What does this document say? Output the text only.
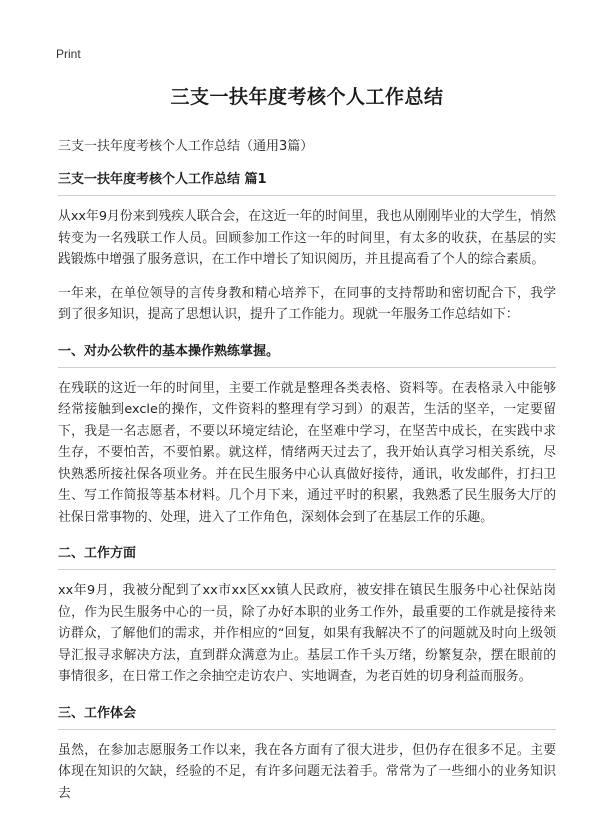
Print
三支一扶年度考核个人工作总结
三支一扶年度考核个人工作总结（通用3篇）
三支一扶年度考核个人工作总结 篇1

从xx年9月份来到残疾人联合会，在这近一年的时间里，我也从刚刚毕业的大学生，悄然转变为一名残联工作人员。回顾参加工作这一年的时间里，有太多的收获，在基层的实践锻炼中增强了服务意识，在工作中增长了知识阅历，并且提高看了个人的综合素质。

一年来，在单位领导的言传身教和精心培养下，在同事的支持帮助和密切配合下，我学到了很多知识，提高了思想认识，提升了工作能力。现就一年服务工作总结如下：

一、对办公软件的基本操作熟练掌握。

在残联的这近一年的时间里，主要工作就是整理各类表格、资料等。在表格录入中能够经常接触到excle的操作，文件资料的整理有学习到）的艰苦，生活的坚辛，一定要留下，我是一名志愿者，不要以环境定结论，在坚难中学习，在坚苦中成长，在实践中求生存，不要怕苦，不要怕累。就这样，情绪两天过去了，我开始认真学习相关系统，尽快熟悉所接社保各项业务。并在民生服务中心认真做好接待，通讯，收发邮件，打扫卫生、写工作简报等基本材料。几个月下来，通过平时的积累，我熟悉了民生服务大厅的社保日常事物的、处理，进入了工作角色，深刻体会到了在基层工作的乐趣。

二、工作方面

xx年9月，我被分配到了xx市xx区xx镇人民政府，被安排在镇民生服务中心社保站岗位，作为民生服务中心的一员，除了办好本职的业务工作外，最重要的工作就是接待来访群众，了解他们的需求，并作相应的“回复，如果有我解决不了的问题就及时向上级领导汇报寻求解决方法，直到群众满意为止。基层工作千头万绪，纷繁复杂，摆在眼前的事情很多，在日常工作之余抽空走访农户、实地调查，为老百姓的切身利益而服务。

三、工作体会

虽然，在参加志愿服务工作以来，我在各方面有了很大进步，但仍存在很多不足。主要体现在知识的欠缺，经验的不足，有许多问题无法着手。常常为了一些细小的业务知识去
